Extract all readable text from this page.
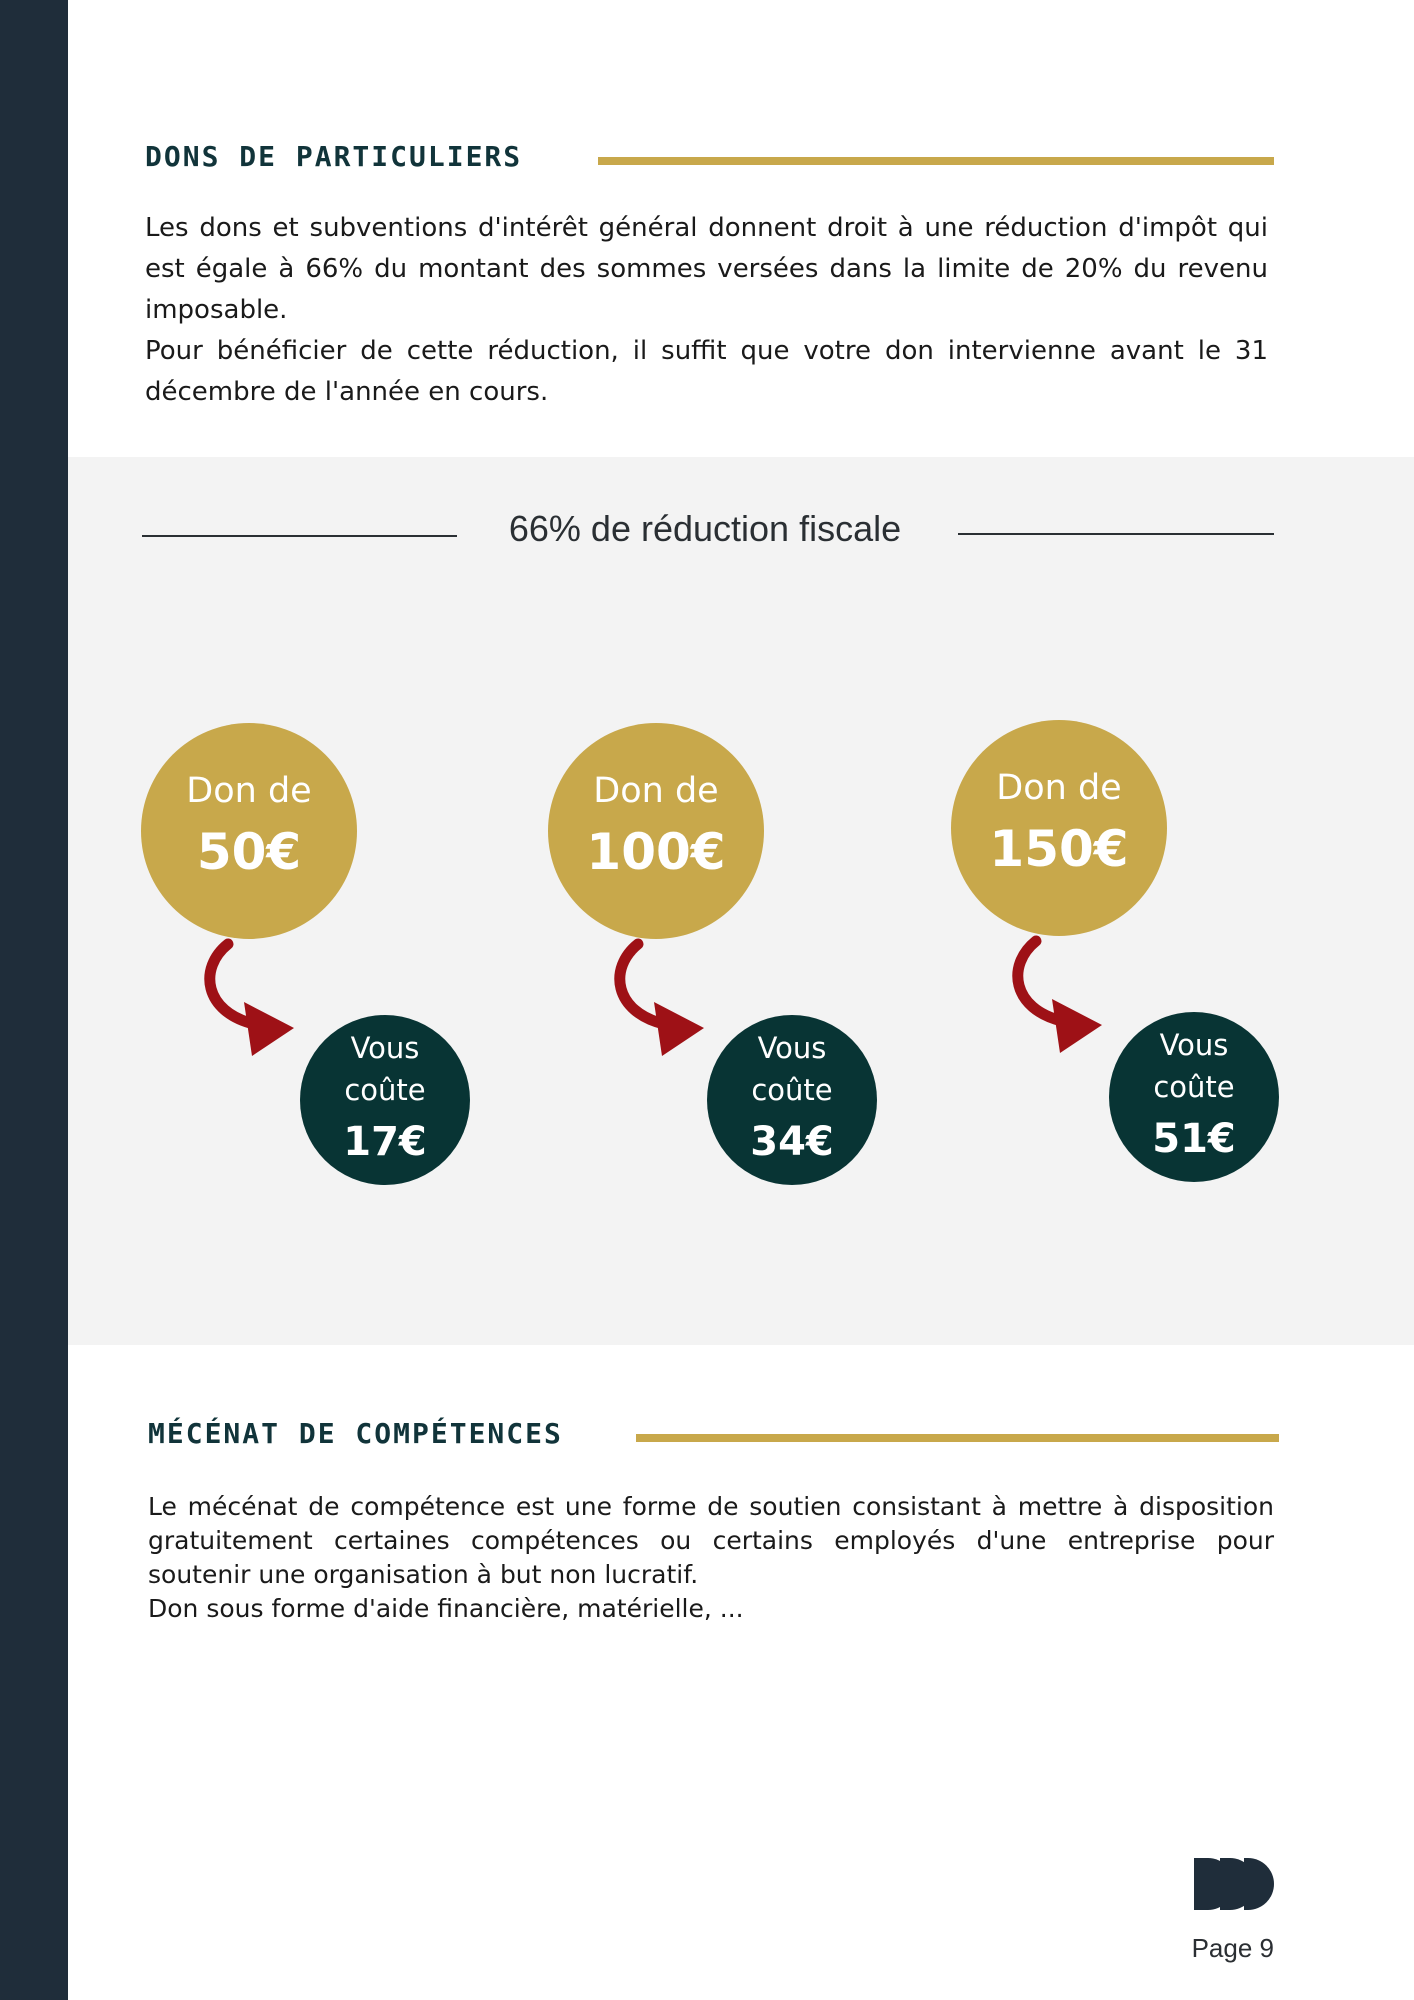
DONS DE PARTICULIERS

Les dons et subventions d'intérêt général donnent droit à une réduction d'impôt qui est égale à 66% du montant des sommes versées dans la limite de 20% du revenu imposable.

Pour bénéficier de cette réduction, il suffit que votre don intervienne avant le 31 décembre de l'année en cours.

66% de réduction fiscale
Don de
50€
Vous
coûte
17€
Don de
100€
Vous
coûte
34€
Don de
150€
Vous
coûte
51€
MÉCÉNAT DE COMPÉTENCES

Le mécénat de compétence est une forme de soutien consistant à mettre à disposition gratuitement certaines compétences ou certains employés d'une entreprise pour soutenir une organisation à but non lucratif.

Don sous forme d'aide financière, matérielle, ...

Page 9
